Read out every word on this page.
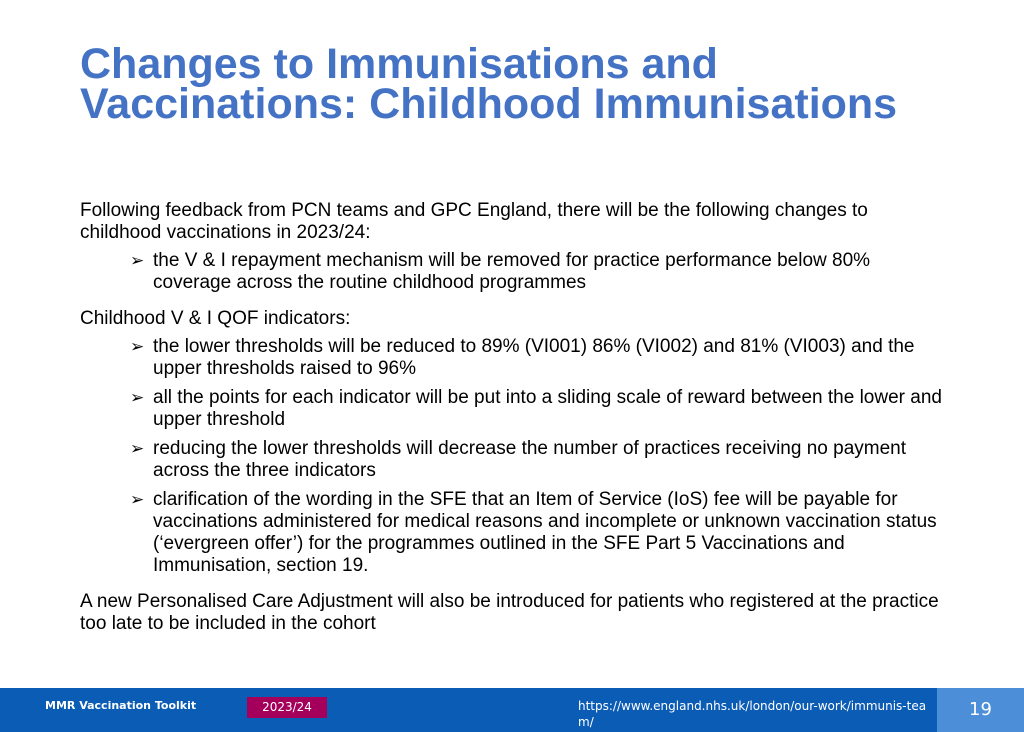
Changes to Immunisations and Vaccinations: Childhood Immunisations

Following feedback from PCN teams and GPC England, there will be the following changes to childhood vaccinations in 2023/24:

➢ the V & I repayment mechanism will be removed for practice performance below 80% coverage across the routine childhood programmes

Childhood V & I QOF indicators:

➢ the lower thresholds will be reduced to 89% (VI001) 86% (VI002) and 81% (VI003) and the upper thresholds raised to 96%
➢ all the points for each indicator will be put into a sliding scale of reward between the lower and upper threshold
➢ reducing the lower thresholds will decrease the number of practices receiving no payment across the three indicators
➢ clarification of the wording in the SFE that an Item of Service (IoS) fee will be payable for vaccinations administered for medical reasons and incomplete or unknown vaccination status (‘evergreen offer’) for the programmes outlined in the SFE Part 5 Vaccinations and Immunisation, section 19.

A new Personalised Care Adjustment will also be introduced for patients who registered at the practice too late to be included in the cohort

MMR Vaccination Toolkit	2023/24	https://www.england.nhs.uk/london/our-work/immunis-team/
19
